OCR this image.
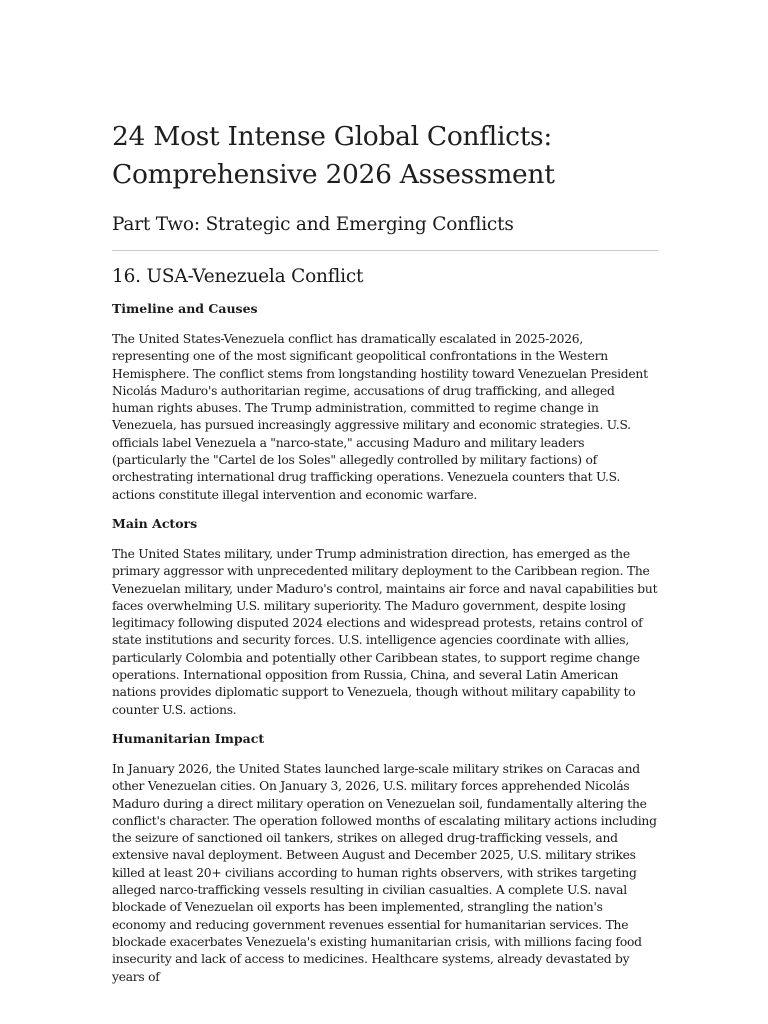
24 Most Intense Global Conflicts:
Comprehensive 2026 Assessment
Part Two: Strategic and Emerging Conflicts
16. USA-Venezuela Conflict
Timeline and Causes

The United States-Venezuela conflict has dramatically escalated in 2025-2026, representing one of the most significant geopolitical confrontations in the Western Hemisphere. The conflict stems from longstanding hostility toward Venezuelan President Nicolás Maduro's authoritarian regime, accusations of drug trafficking, and alleged human rights abuses. The Trump administration, committed to regime change in Venezuela, has pursued increasingly aggressive military and economic strategies. U.S. officials label Venezuela a "narco-state," accusing Maduro and military leaders (particularly the "Cartel de los Soles" allegedly controlled by military factions) of orchestrating international drug trafficking operations. Venezuela counters that U.S. actions constitute illegal intervention and economic warfare.

Main Actors

The United States military, under Trump administration direction, has emerged as the primary aggressor with unprecedented military deployment to the Caribbean region. The Venezuelan military, under Maduro's control, maintains air force and naval capabilities but faces overwhelming U.S. military superiority. The Maduro government, despite losing legitimacy following disputed 2024 elections and widespread protests, retains control of state institutions and security forces. U.S. intelligence agencies coordinate with allies, particularly Colombia and potentially other Caribbean states, to support regime change operations. International opposition from Russia, China, and several Latin American nations provides diplomatic support to Venezuela, though without military capability to counter U.S. actions.

Humanitarian Impact

In January 2026, the United States launched large-scale military strikes on Caracas and other Venezuelan cities. On January 3, 2026, U.S. military forces apprehended Nicolás Maduro during a direct military operation on Venezuelan soil, fundamentally altering the conflict's character. The operation followed months of escalating military actions including the seizure of sanctioned oil tankers, strikes on alleged drug-trafficking vessels, and extensive naval deployment. Between August and December 2025, U.S. military strikes killed at least 20+ civilians according to human rights observers, with strikes targeting alleged narco-trafficking vessels resulting in civilian casualties. A complete U.S. naval blockade of Venezuelan oil exports has been implemented, strangling the nation's economy and reducing government revenues essential for humanitarian services. The blockade exacerbates Venezuela's existing humanitarian crisis, with millions facing food insecurity and lack of access to medicines. Healthcare systems, already devastated by years of
